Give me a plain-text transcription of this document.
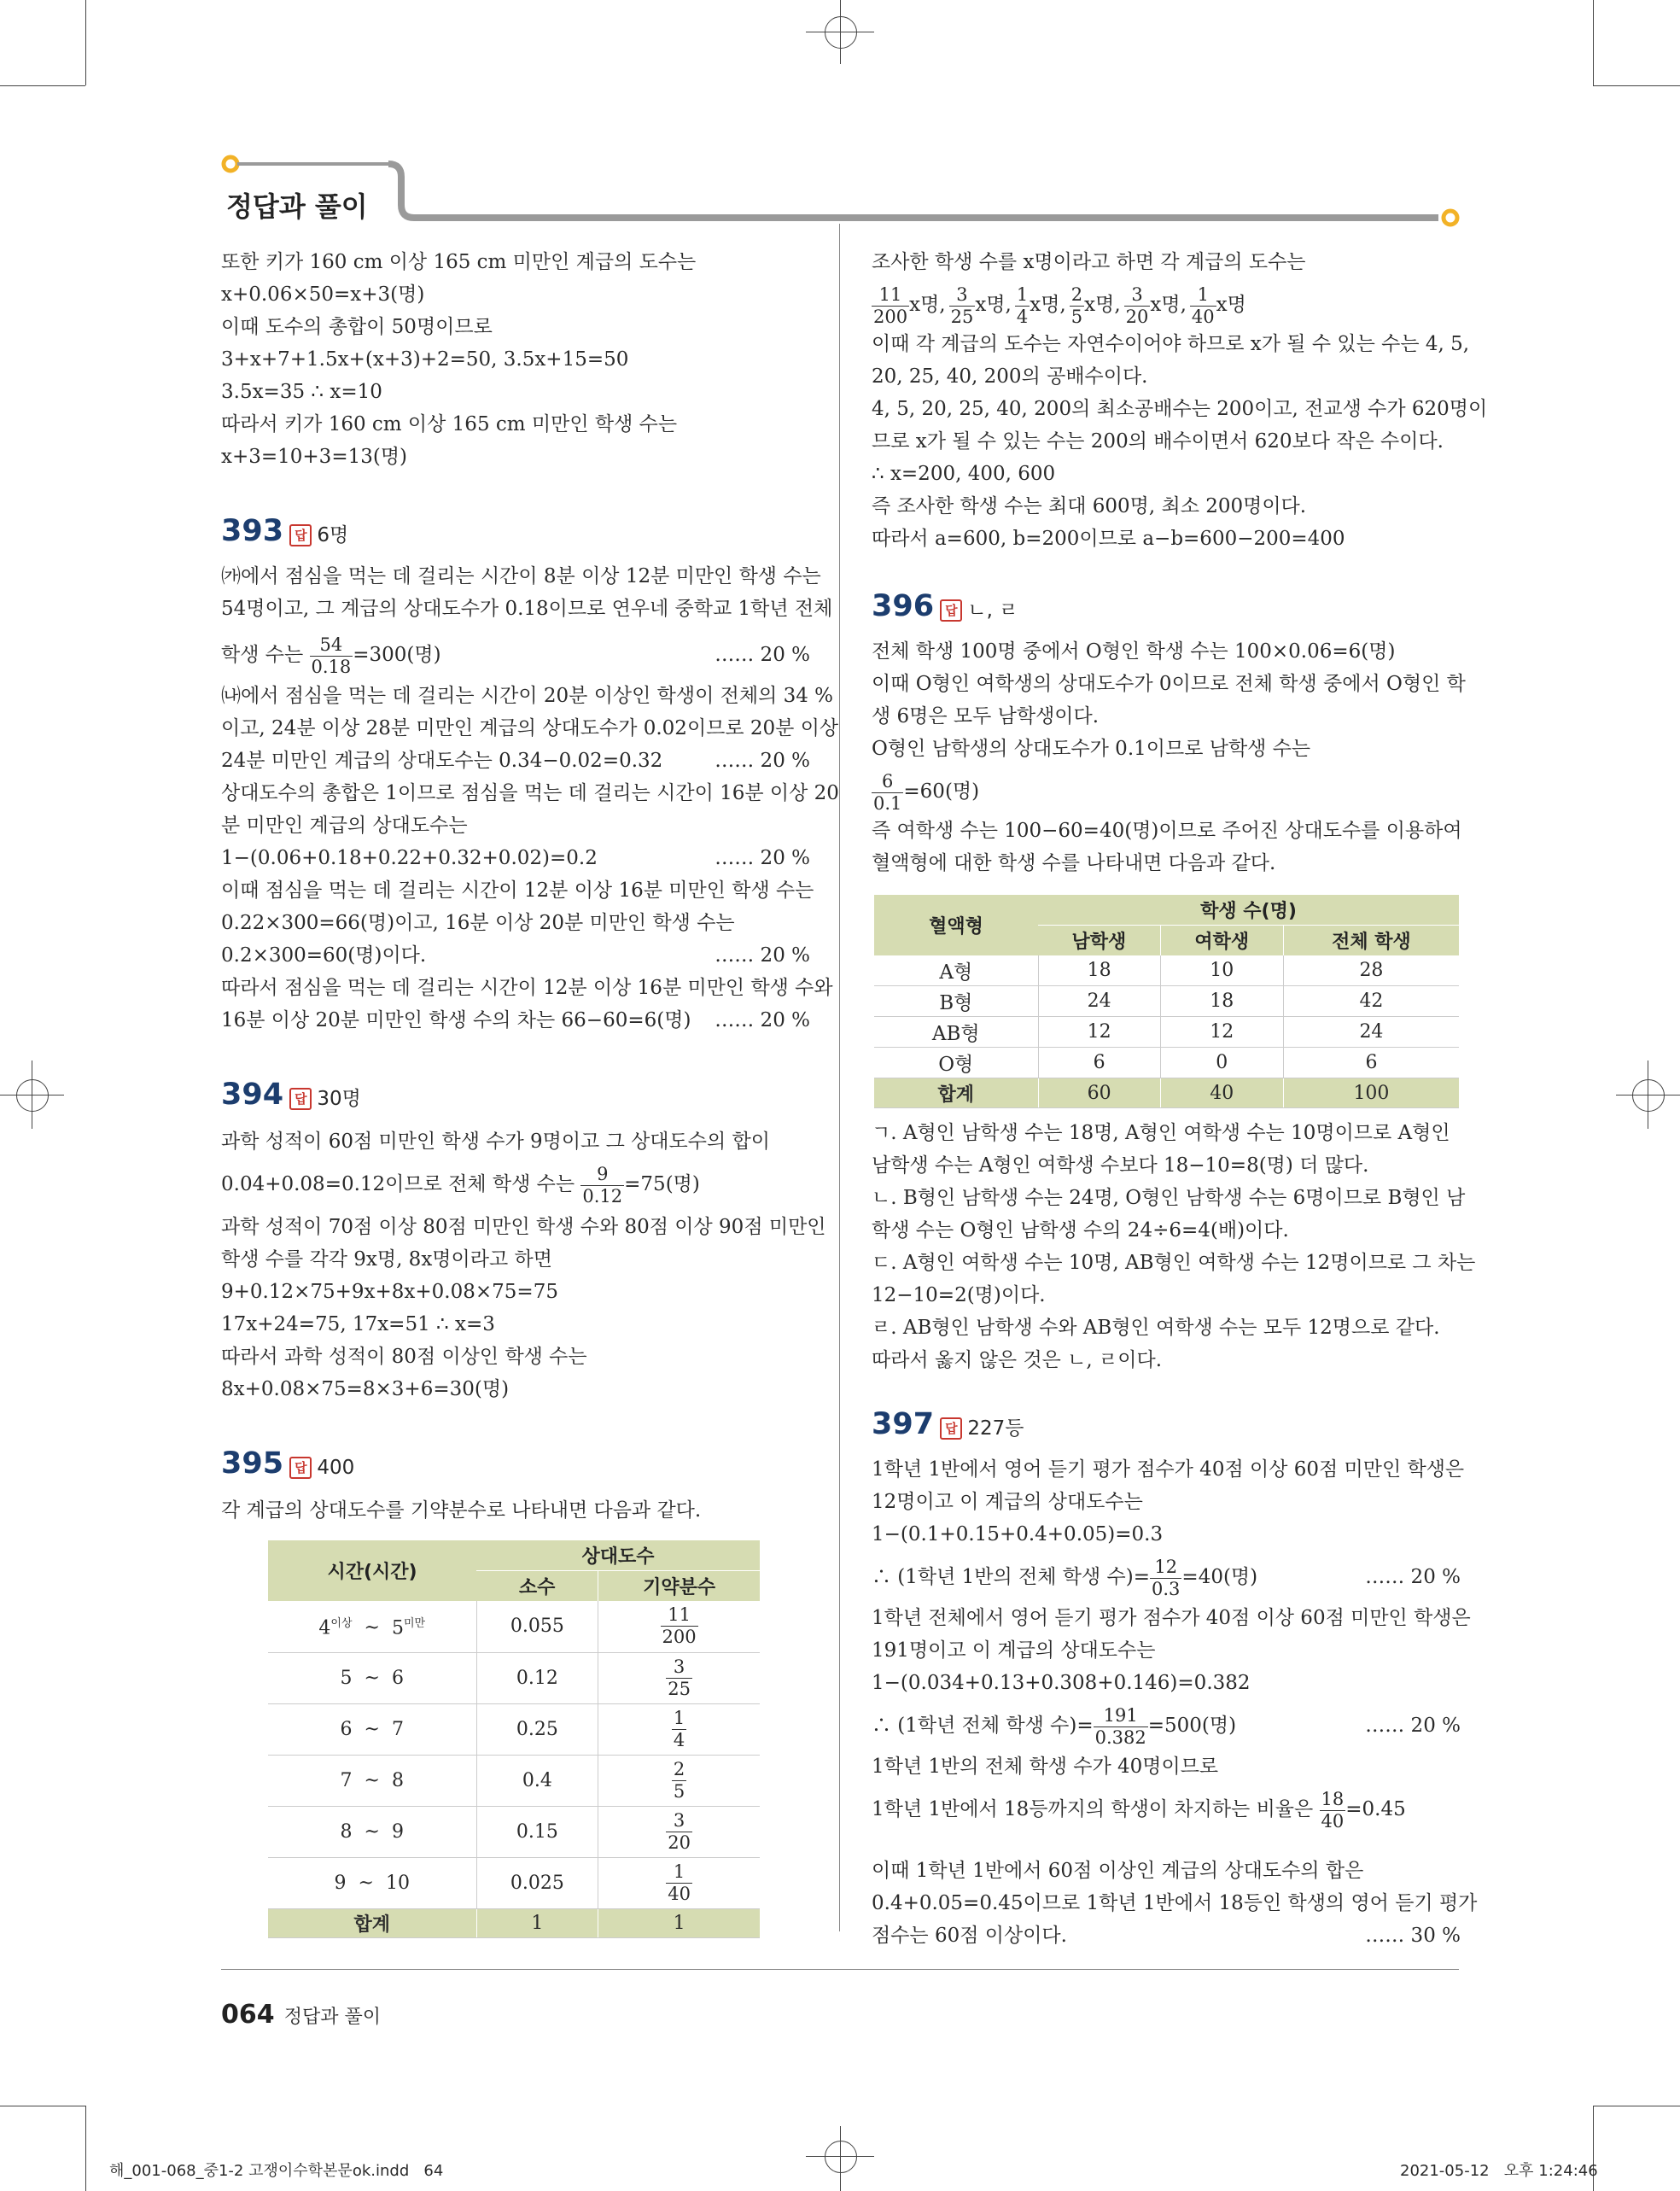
정답과 풀이
또한 키가 160 cm 이상 165 cm 미만인 계급의 도수는
x+0.06×50=x+3(명)
이때 도수의 총합이 50명이므로
3+x+7+1.5x+(x+3)+2=50, 3.5x+15=50
3.5x=35 ∴ x=10
따라서 키가 160 cm 이상 165 cm 미만인 학생 수는
x+3=10+3=13(명)
393 답 6명
㈎에서 점심을 먹는 데 걸리는 시간이 8분 이상 12분 미만인 학생 수는
54명이고, 그 계급의 상대도수가 0.18이므로 연우네 중학교 1학년 전체
학생 수는 $\frac{54}{0.18} =300$(명)	…… 20 %
㈏에서 점심을 먹는 데 걸리는 시간이 20분 이상인 학생이 전체의 34 %
이고, 24분 이상 28분 미만인 계급의 상대도수가 0.02이므로 20분 이상
24분 미만인 계급의 상대도수는 0.34−0.02=0.32	…… 20 %
상대도수의 총합은 1이므로 점심을 먹는 데 걸리는 시간이 16분 이상 20
분 미만인 계급의 상대도수는
1−(0.06+0.18+0.22+0.32+0.02)=0.2	…… 20 %
이때 점심을 먹는 데 걸리는 시간이 12분 이상 16분 미만인 학생 수는
0.22×300=66(명)이고, 16분 이상 20분 미만인 학생 수는
0.2×300=60(명)이다.	…… 20 %
따라서 점심을 먹는 데 걸리는 시간이 12분 이상 16분 미만인 학생 수와
16분 이상 20분 미만인 학생 수의 차는 66−60=6(명) …… 20 %
394 답 30명
과학 성적이 60점 미만인 학생 수가 9명이고 그 상대도수의 합이
0.04+0.08=0.12이므로 전체 학생 수는 $\frac{9}{0.12} =75$(명)
과학 성적이 70점 이상 80점 미만인 학생 수와 80점 이상 90점 미만인
학생 수를 각각 9x명, 8x명이라고 하면
9+0.12×75+9x+8x+0.08×75=75
17x+24=75, 17x=51 ∴ x=3
따라서 과학 성적이 80점 이상인 학생 수는
8x+0.08×75=8×3+6=30(명)
395 답 400
각 계급의 상대도수를 기약분수로 나타내면 다음과 같다.
시간(시간)	상대도수	
	소수	기약분수
$4^{이상}$ ~ $5^{미만}$	0.055	$\frac{11}{200}$

5 ~ 6	0.12	$\frac{3}{25}$

6 ~ 7	0.25	$\frac{1}{4}$

7 ~ 8	0.4	$\frac{2}{5}$

8 ~ 9	0.15	$\frac{3}{20}$

9 ~ 10	0.025	$\frac{1}{40}$

합계	1	1
조사한 학생 수를 x명이라고 하면 각 계급의 도수는
$\frac{11}{200}$ x명, $\frac{3}{25}$ x명, $\frac{1}{4}$ x명, $\frac{2}{5}$ x명, $\frac{3}{20}$ x명, $\frac{1}{40}$ x명
이때 각 계급의 도수는 자연수이어야 하므로 x가 될 수 있는 수는 4, 5,
20, 25, 40, 200의 공배수이다.
4, 5, 20, 25, 40, 200의 최소공배수는 200이고, 전교생 수가 620명이
므로 x가 될 수 있는 수는 200의 배수이면서 620보다 작은 수이다.
∴ x=200, 400, 600
즉 조사한 학생 수는 최대 600명, 최소 200명이다.
따라서 a=600, b=200이므로 a−b=600−200=400
396 답 ㄴ, ㄹ
전체 학생 100명 중에서 O형인 학생 수는 100×0.06=6(명)
이때 O형인 여학생의 상대도수가 0이므로 전체 학생 중에서 O형인 학
생 6명은 모두 남학생이다.
O형인 남학생의 상대도수가 0.1이므로 남학생 수는
$\frac{6}{0.1} =60$(명)
즉 여학생 수는 100−60=40(명)이므로 주어진 상대도수를 이용하여
혈액형에 대한 학생 수를 나타내면 다음과 같다.
혈액형	학생 수(명)		
	남학생	여학생	전체 학생
A형	18	10	28
B형	24	18	42
AB형	12	12	24
O형	6	0	6
합계	60	40	100
ㄱ. A형인 남학생 수는 18명, A형인 여학생 수는 10명이므로 A형인
남학생 수는 A형인 여학생 수보다 18−10=8(명) 더 많다.
ㄴ. B형인 남학생 수는 24명, O형인 남학생 수는 6명이므로 B형인 남
학생 수는 O형인 남학생 수의 24÷6=4(배)이다.
ㄷ. A형인 여학생 수는 10명, AB형인 여학생 수는 12명이므로 그 차는
12−10=2(명)이다.
ㄹ. AB형인 남학생 수와 AB형인 여학생 수는 모두 12명으로 같다.
따라서 옳지 않은 것은 ㄴ, ㄹ이다.
397 답 227등
1학년 1반에서 영어 듣기 평가 점수가 40점 이상 60점 미만인 학생은
12명이고 이 계급의 상대도수는
1−(0.1+0.15+0.4+0.05)=0.3
∴ (1학년 1반의 전체 학생 수)= $\frac{12}{0.3} =40$(명)	…… 20 %
1학년 전체에서 영어 듣기 평가 점수가 40점 이상 60점 미만인 학생은
191명이고 이 계급의 상대도수는
1−(0.034+0.13+0.308+0.146)=0.382
∴ (1학년 전체 학생 수)= $\frac{191}{0.382} =500$(명)	…… 20 %
1학년 1반의 전체 학생 수가 40명이므로
1학년 1반에서 18등까지의 학생이 차지하는 비율은 $\frac{18}{40} =0.45$
이때 1학년 1반에서 60점 이상인 계급의 상대도수의 합은
0.4+0.05=0.45이므로 1학년 1반에서 18등인 학생의 영어 듣기 평가
점수는 60점 이상이다.	…… 30 %
064 정답과 풀이
해_001-068_중1-2 고쟁이수학본문ok.indd   64	2021-05-12   오후 1:24:46
